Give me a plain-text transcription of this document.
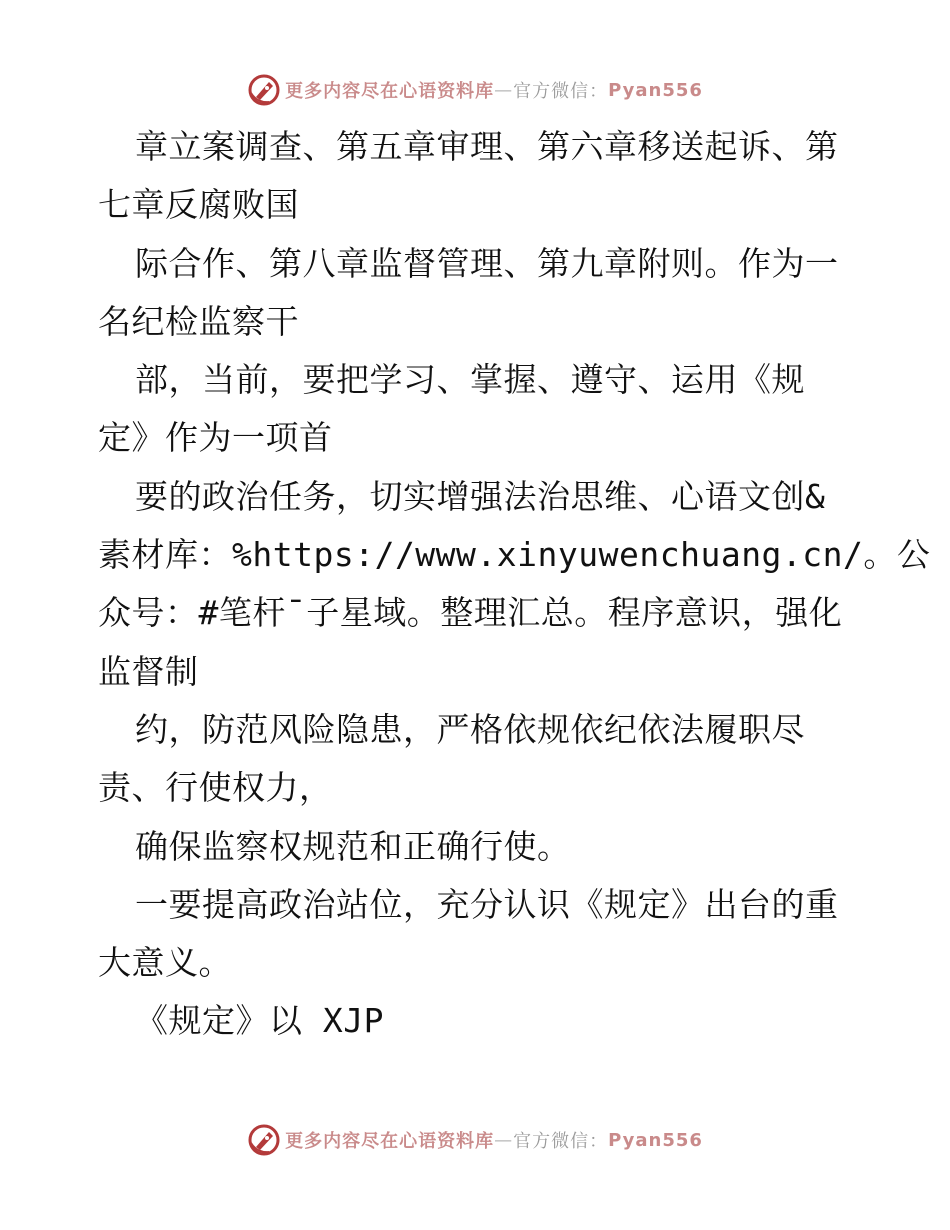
更多内容尽在心语资料库 — 官方微信： Pyan556
章立案调查、第五章审理、第六章移送起诉、第
七章反腐败国
际合作、第八章监督管理、第九章附则。作为一
名纪检监察干
部，当前，要把学习、掌握、遵守、运用《规
定》作为一项首
要的政治任务，切实增强法治思维、心语文创&
素材库：%https://www.xinyuwenchuang.cn/。公
众号：#笔杆¯子星域。整理汇总。程序意识，强化
监督制
约，防范风险隐患，严格依规依纪依法履职尽
责、行使权力，
确保监察权规范和正确行使。
一要提高政治站位，充分认识《规定》出台的重
大意义。
《规定》以 XJP
更多内容尽在心语资料库 — 官方微信： Pyan556
